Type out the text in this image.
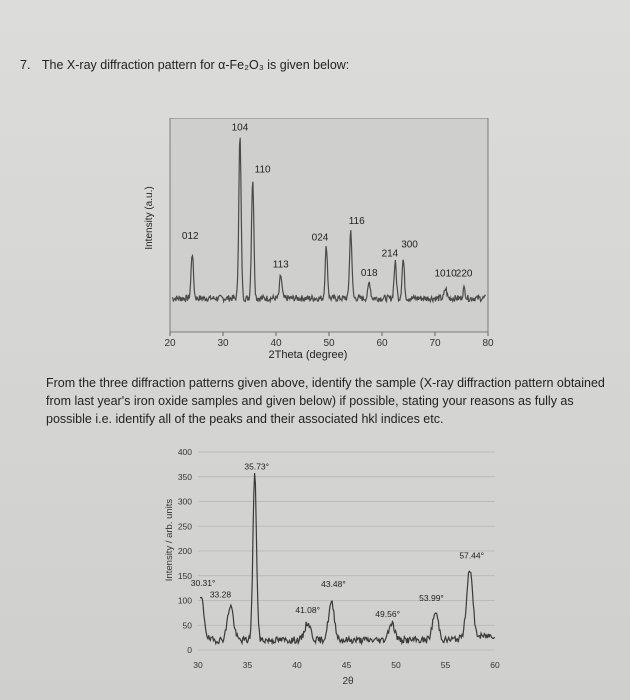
7. The X-ray diffraction pattern for α-Fe₂O₃ is given below:
20	30	40	50	60	70	80
012
104
110
113
024
116
018
214
300
1010 220
2Theta (degree)
Intensity (a.u.)
From the three diffraction patterns given above, identify the sample (X-ray diffraction pattern obtained from last year's iron oxide samples and given below) if possible, stating your reasons as fully as possible i.e. identify all of the peaks and their associated hkl indices etc.
0
50
100
150
200
250
300
350
400
30	35	40	45	50	55	60
30.31°
33.28
35.73°
41.08°
43.48°
49.56°
53.99°
57.44°
2θ
Intensity / arb. units
